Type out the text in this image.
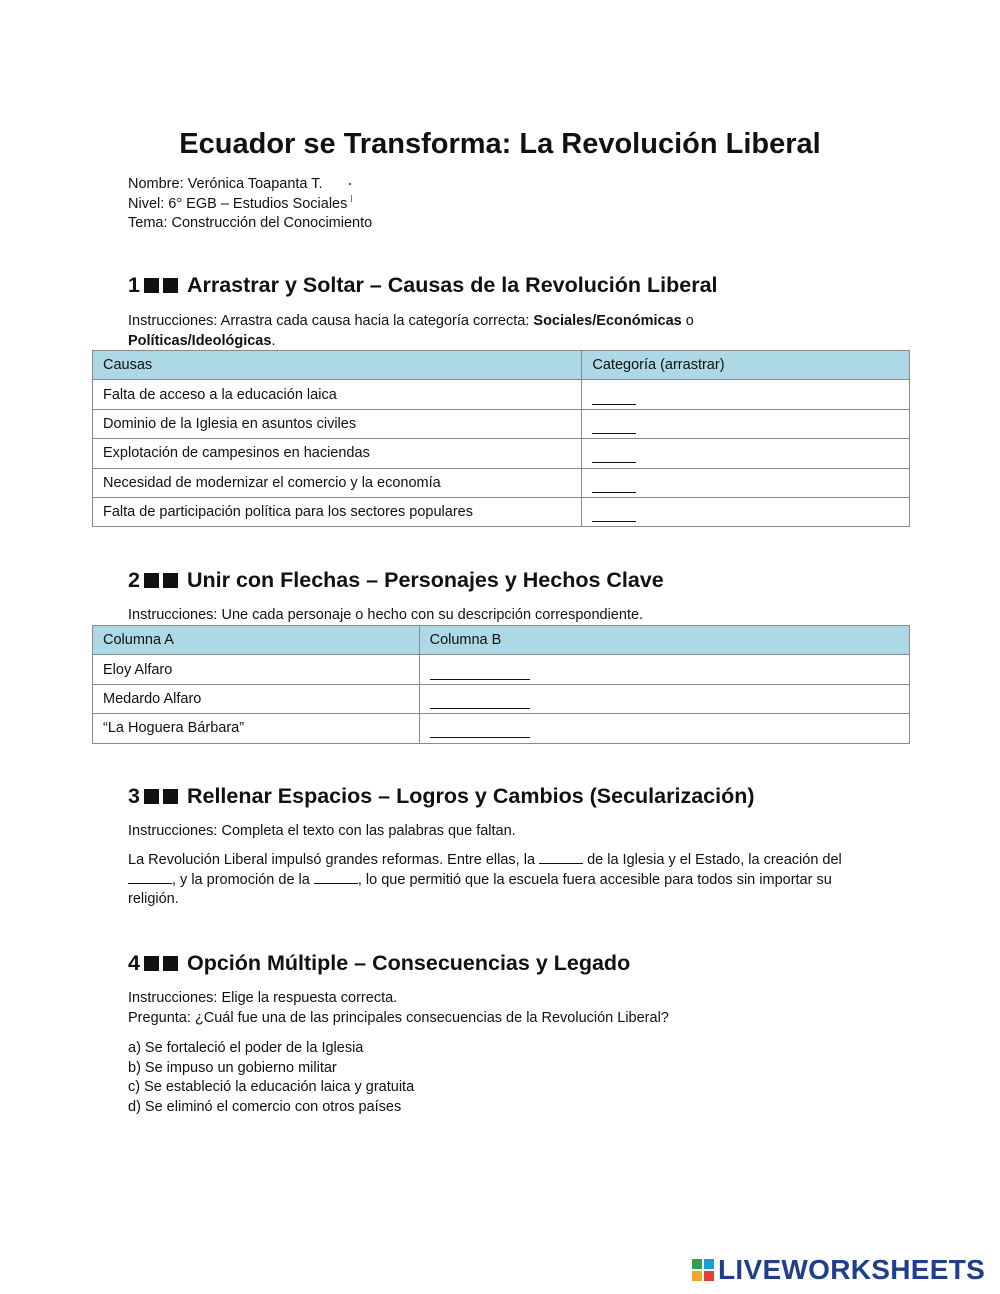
Ecuador se Transforma: La Revolución Liberal
Nombre: Verónica Toapanta T.
Nivel: 6° EGB – Estudios Sociales
Tema: Construcción del Conocimiento
1 Arrastrar y Soltar – Causas de la Revolución Liberal
Instrucciones: Arrastra cada causa hacia la categoría correcta: Sociales/Económicas o Políticas/Ideológicas.
Causas	Categoría (arrastrar)
Falta de acceso a la educación laica	
Dominio de la Iglesia en asuntos civiles	
Explotación de campesinos en haciendas	
Necesidad de modernizar el comercio y la economía	
Falta de participación política para los sectores populares	
2 Unir con Flechas – Personajes y Hechos Clave
Instrucciones: Une cada personaje o hecho con su descripción correspondiente.
Columna A	Columna B
Eloy Alfaro	
Medardo Alfaro	
“La Hoguera Bárbara”	
3 Rellenar Espacios – Logros y Cambios (Secularización)
Instrucciones: Completa el texto con las palabras que faltan.
La Revolución Liberal impulsó grandes reformas. Entre ellas, la	de la Iglesia y el Estado, la creación del , y la promoción de la	, lo que permitió que la escuela fuera accesible para todos sin importar su religión.
4 Opción Múltiple – Consecuencias y Legado
Instrucciones: Elige la respuesta correcta.
Pregunta: ¿Cuál fue una de las principales consecuencias de la Revolución Liberal?
a) Se fortaleció el poder de la Iglesia
b) Se impuso un gobierno militar
c) Se estableció la educación laica y gratuita
d) Se eliminó el comercio con otros países
LIVEWORKSHEETS
